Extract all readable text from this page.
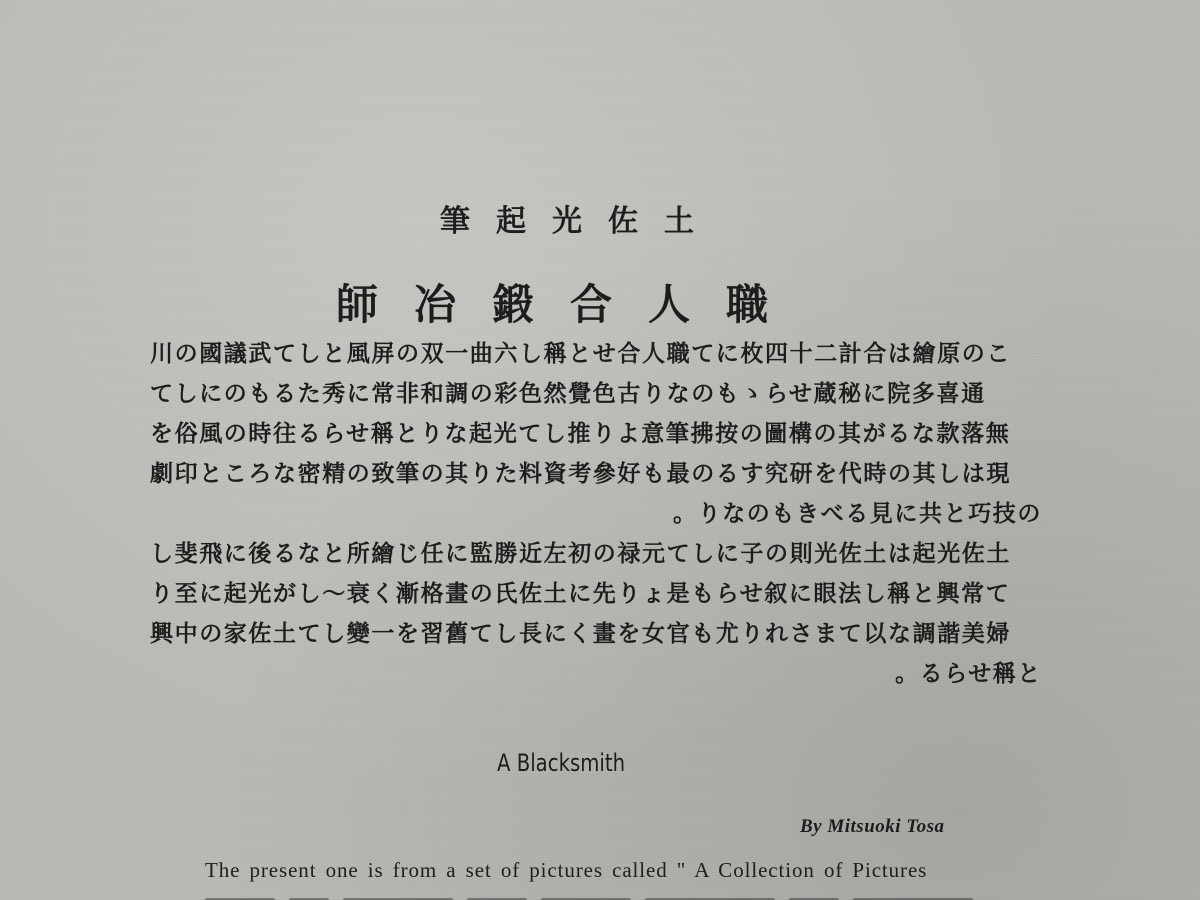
筆起光佐土
師冶鍛合人職

川の國議武てしと風屏の双一曲六し稱とせ合人職てに枚四十二計合は繪原のこ
てしにのもるた秀に常非和調の彩色然覺色古りなのもゝらせ蔵秘に院多喜通
を俗風の時往るらせ稱とりな起光てし推りよ意筆拂按の圖構の其がるな款落無
劇印ところな密精の致筆の其りた料資考參好も最のるす究研を代時の其しは現
。りなのもきべる見に共と巧技の

し斐飛に後るなと所繪じ任に監勝近左初の禄元てしに子の則光佐土は起光佐土
り至に起光がし〜衰く漸格畫の氏佐土に先りょ是もらせ叙に眼法し稱と興常て
興中の家佐土てし變一を習舊てし長にく畫を女官も尤りれさまて以な調諧美婦
。るらせ稱と

A Blacksmith
By Mitsuoki Tosa
The present one is from a set of pictures called " A Collection of Pictures
